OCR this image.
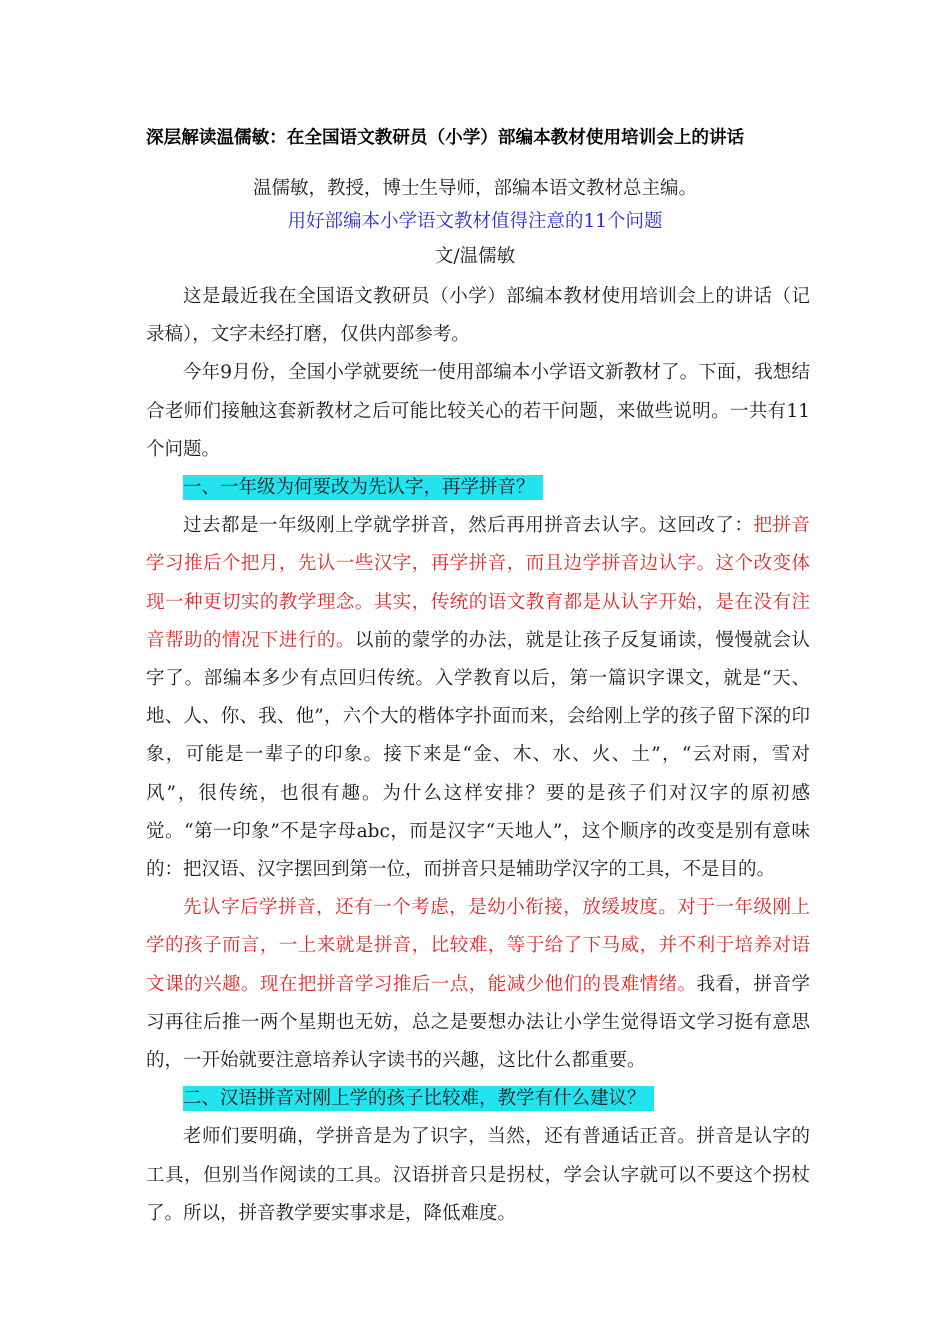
深层解读温儒敏：在全国语文教研员（小学）部编本教材使用培训会上的讲话
温儒敏，教授，博士生导师，部编本语文教材总主编。
用好部编本小学语文教材值得注意的11个问题
文/温儒敏

这是最近我在全国语文教研员（小学）部编本教材使用培训会上的讲话（记录稿），文字未经打磨，仅供内部参考。

今年9月份，全国小学就要统一使用部编本小学语文新教材了。下面，我想结合老师们接触这套新教材之后可能比较关心的若干问题，来做些说明。一共有11个问题。

一、一年级为何要改为先认字，再学拼音？

过去都是一年级刚上学就学拼音，然后再用拼音去认字。这回改了：把拼音学习推后个把月，先认一些汉字，再学拼音，而且边学拼音边认字。这个改变体现一种更切实的教学理念。其实，传统的语文教育都是从认字开始，是在没有注音帮助的情况下进行的。以前的蒙学的办法，就是让孩子反复诵读，慢慢就会认字了。部编本多少有点回归传统。入学教育以后，第一篇识字课文，就是“天、 地、人、你、我、他”，六个大的楷体字扑面而来，会给刚上学的孩子留下深的印象，可能是一辈子的印象。接下来是“金、木、水、火、土”，“云对雨，雪对风”，很传统，也很有趣。为什么这样安排？要的是孩子们对汉字的原初感觉。“第一印象”不是字母abc，而是汉字“天地人”，这个顺序的改变是别有意味的：把汉语、汉字摆回到第一位，而拼音只是辅助学汉字的工具，不是目的。

先认字后学拼音，还有一个考虑，是幼小衔接，放缓坡度。对于一年级刚上学的孩子而言，一上来就是拼音，比较难，等于给了下马威，并不利于培养对语文课的兴趣。现在把拼音学习推后一点，能减少他们的畏难情绪。我看，拼音学习再往后推一两个星期也无妨，总之是要想办法让小学生觉得语文学习挺有意思的，一开始就要注意培养认字读书的兴趣，这比什么都重要。

二、汉语拼音对刚上学的孩子比较难，教学有什么建议？

老师们要明确，学拼音是为了识字，当然，还有普通话正音。拼音是认字的工具，但别当作阅读的工具。汉语拼音只是拐杖，学会认字就可以不要这个拐杖了。所以，拼音教学要实事求是，降低难度。
